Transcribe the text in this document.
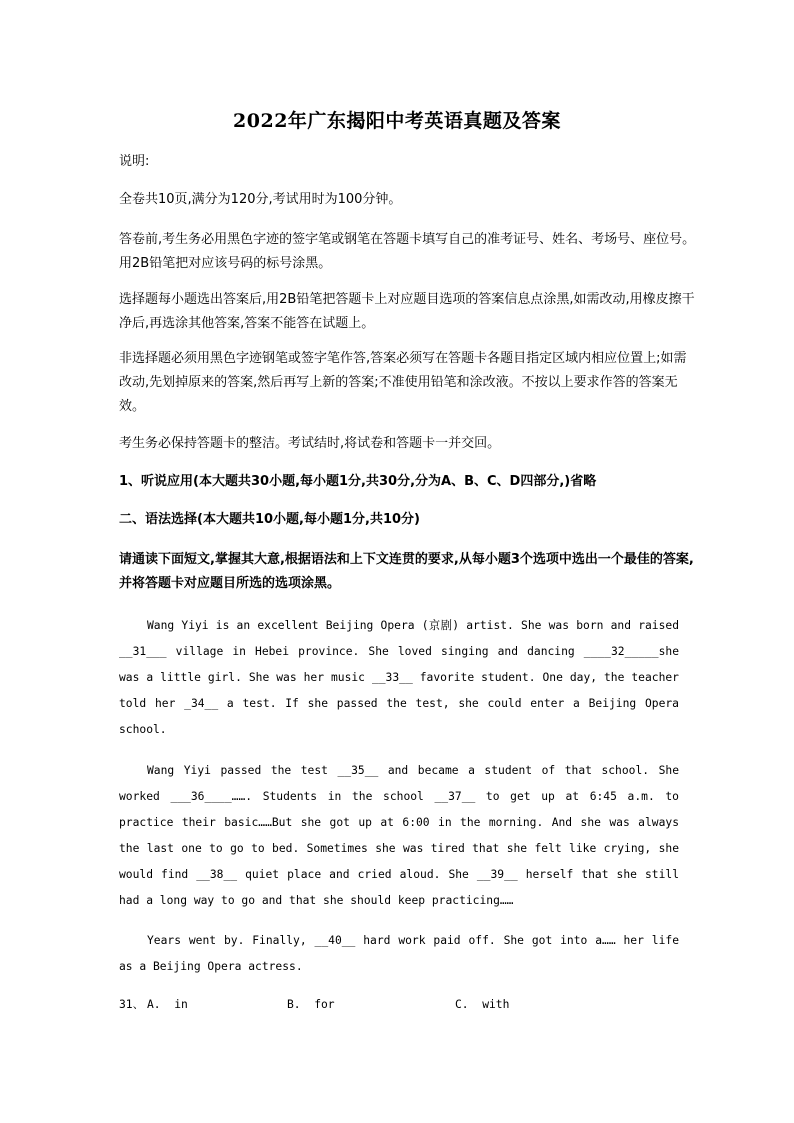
2022年广东揭阳中考英语真题及答案

说明:

全卷共10页,满分为120分,考试用时为100分钟。

答卷前,考生务必用黑色字迹的签字笔或钢笔在答题卡填写自己的准考证号、姓名、考场号、座位号。用2B铅笔把对应该号码的标号涂黑。

选择题每小题选出答案后,用2B铅笔把答题卡上对应题目选项的答案信息点涂黑,如需改动,用橡皮擦干净后,再选涂其他答案,答案不能答在试题上。

非选择题必须用黑色字迹钢笔或签字笔作答,答案必须写在答题卡各题目指定区域内相应位置上;如需改动,先划掉原来的答案,然后再写上新的答案;不准使用铅笔和涂改液。不按以上要求作答的答案无效。

考生务必保持答题卡的整洁。考试结时,将试卷和答题卡一并交回。

1、听说应用(本大题共30小题,每小题1分,共30分,分为A、B、C、D四部分,)省略

二、语法选择(本大题共10小题,每小题1分,共10分)

请通读下面短文,掌握其大意,根据语法和上下文连贯的要求,从每小题3个选项中选出一个最佳的答案,并将答题卡对应题目所选的选项涂黑。

Wang Yiyi is an excellent Beijing Opera (京剧) artist. She was born and raised __31___ village in Hebei province. She loved singing and dancing ____32_____she was a little girl. She was her music __33__ favorite student. One day, the teacher told her _34__ a test. If she passed the test, she could enter a Beijing Opera school.

Wang Yiyi passed the test __35__ and became a student of that school. She worked ___36____……. Students in the school __37__ to get up at 6:45 a.m. to practice their basic……But she got up at 6:00 in the morning. And she was always the last one to go to bed. Sometimes she was tired that she felt like crying, she would find __38__ quiet place and cried aloud. She __39__ herself that she still had a long way to go and that she should keep practicing……

Years went by. Finally, __40__ hard work paid off. She got into a…… her life as a Beijing Opera actress.

31、 A.  in	B.  for	C.  with
